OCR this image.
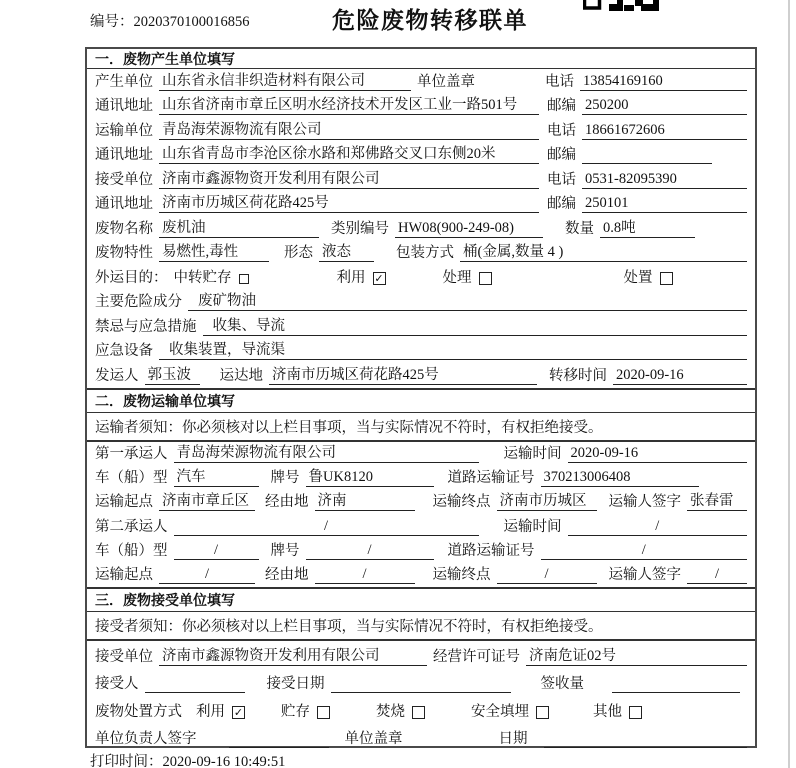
编号：2020370100016856	危险废物转移联单
一．废物产生单位填写
产生单位 山东省永信非织造材料有限公司	单位盖章	电话 13854169160
通讯地址 山东省济南市章丘区明水经济技术开发区工业一路501号	邮编 250200
运输单位 青岛海荣源物流有限公司	电话 18661672606
通讯地址 山东省青岛市李沧区徐水路和郑佛路交叉口东侧20米	邮编
接受单位 济南市鑫源物资开发利用有限公司	电话 0531-82095390
通讯地址 济南市历城区荷花路425号	邮编 250101
废物名称 废机油	类别编号 HW08(900-249-08)	数量 0.8吨
废物特性 易燃性,毒性	形态 液态	包装方式 桶(金属,数量 4 )
外运目的： 中转贮存	利用 ✓	处理	处置
主要危险成分	废矿物油
禁忌与应急措施	收集、导流
应急设备	收集装置，导流渠
发运人 郭玉波	运达地 济南市历城区荷花路425号	转移时间 2020-09-16
二．废物运输单位填写
运输者须知：你必须核对以上栏目事项，当与实际情况不符时，有权拒绝接受。
第一承运人 青岛海荣源物流有限公司	运输时间 2020-09-16
车（船）型 汽车	牌号 鲁UK8120	道路运输证号 370213006408
运输起点 济南市章丘区	经由地 济南	运输终点 济南市历城区	运输人签字 张春雷
第二承运人	/	运输时间	/
车（船）型	/	牌号	/	道路运输证号	/
运输起点	/	经由地	/	运输终点	/	运输人签字	/
三．废物接受单位填写
接受者须知：你必须核对以上栏目事项，当与实际情况不符时，有权拒绝接受。
接受单位 济南市鑫源物资开发利用有限公司	经营许可证号 济南危证02号
接受人	接受日期	签收量
废物处置方式 利用 ✓	贮存	焚烧	安全填埋	其他
单位负责人签字	单位盖章	日期
打印时间：2020-09-16 10:49:51
